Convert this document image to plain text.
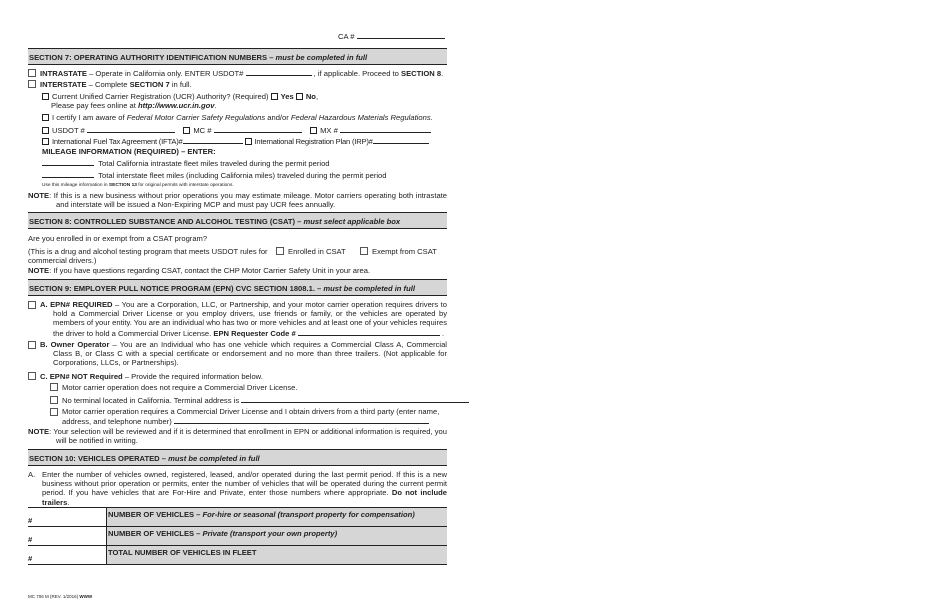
CA #
SECTION 7: OPERATING AUTHORITY IDENTIFICATION NUMBERS – must be completed in full
INTRASTATE – Operate in California only. ENTER USDOT#	, if applicable. Proceed to SECTION 8.
INTERSTATE – Complete SECTION 7 in full.
Current Unified Carrier Registration (UCR) Authority? (Required) Yes No,
Please pay fees online at http://www.ucr.in.gov.
I certify I am aware of Federal Motor Carrier Safety Regulations and/or Federal Hazardous Materials Regulations.
USDOT #	MC #	MX #
International Fuel Tax Agreement (IFTA)#	International Registration Plan (IRP)#
MILEAGE INFORMATION (REQUIRED) – ENTER:
Total California intrastate fleet miles traveled during the permit period
Total interstate fleet miles (including California miles) traveled during the permit period
Use this mileage information in SECTION 13 for original permits with interstate operations.
NOTE: If this is a new business without prior operations you may estimate mileage. Motor carriers operating both intrastate and interstate will be issued a Non-Expiring MCP and must pay UCR fees annually.
SECTION 8: CONTROLLED SUBSTANCE AND ALCOHOL TESTING (CSAT) – must select applicable box
Are you enrolled in or exempt from a CSAT program?
(This is a drug and alcohol testing program that meets USDOT rules for commercial drivers.)
Enrolled in CSAT	Exempt from CSAT
NOTE: If you have questions regarding CSAT, contact the CHP Motor Carrier Safety Unit in your area.
SECTION 9: EMPLOYER PULL NOTICE PROGRAM (EPN) CVC SECTION 1808.1. – must be completed in full
A. EPN# REQUIRED – You are a Corporation, LLC, or Partnership, and your motor carrier operation requires drivers to hold a Commercial Driver License or you employ drivers, use friends or family, or the vehicles are operated by members of your entity. You are an individual who has two or more vehicles and at least one of your vehicles requires the driver to hold a Commercial Driver License. EPN Requester Code #	.
B. Owner Operator – You are an Individual who has one vehicle which requires a Commercial Class A, Commercial Class B, or Class C with a special certificate or endorsement and no more than three trailers. (Not applicable for Corporations, LLCs, or Partnerships).
C. EPN# NOT Required – Provide the required information below.
Motor carrier operation does not require a Commercial Driver License.
No terminal located in California. Terminal address is
Motor carrier operation requires a Commercial Driver License and I obtain drivers from a third party (enter name, address, and telephone number)
NOTE: Your selection will be reviewed and if it is determined that enrollment in EPN or additional information is required, you will be notified in writing.
SECTION 10: VEHICLES OPERATED – must be completed in full
A. Enter the number of vehicles owned, registered, leased, and/or operated during the last permit period. If this is a new business without prior operation or permits, enter the number of vehicles that will be operated during the current permit period. If you have vehicles that are For-Hire and Private, enter those numbers where appropriate. Do not include trailers.
#
NUMBER OF VEHICLES – For-hire or seasonal (transport property for compensation)
#
NUMBER OF VEHICLES – Private (transport your own property)
#
TOTAL NUMBER OF VEHICLES IN FLEET
MC 706 M (REV. 1/2016) WWW
